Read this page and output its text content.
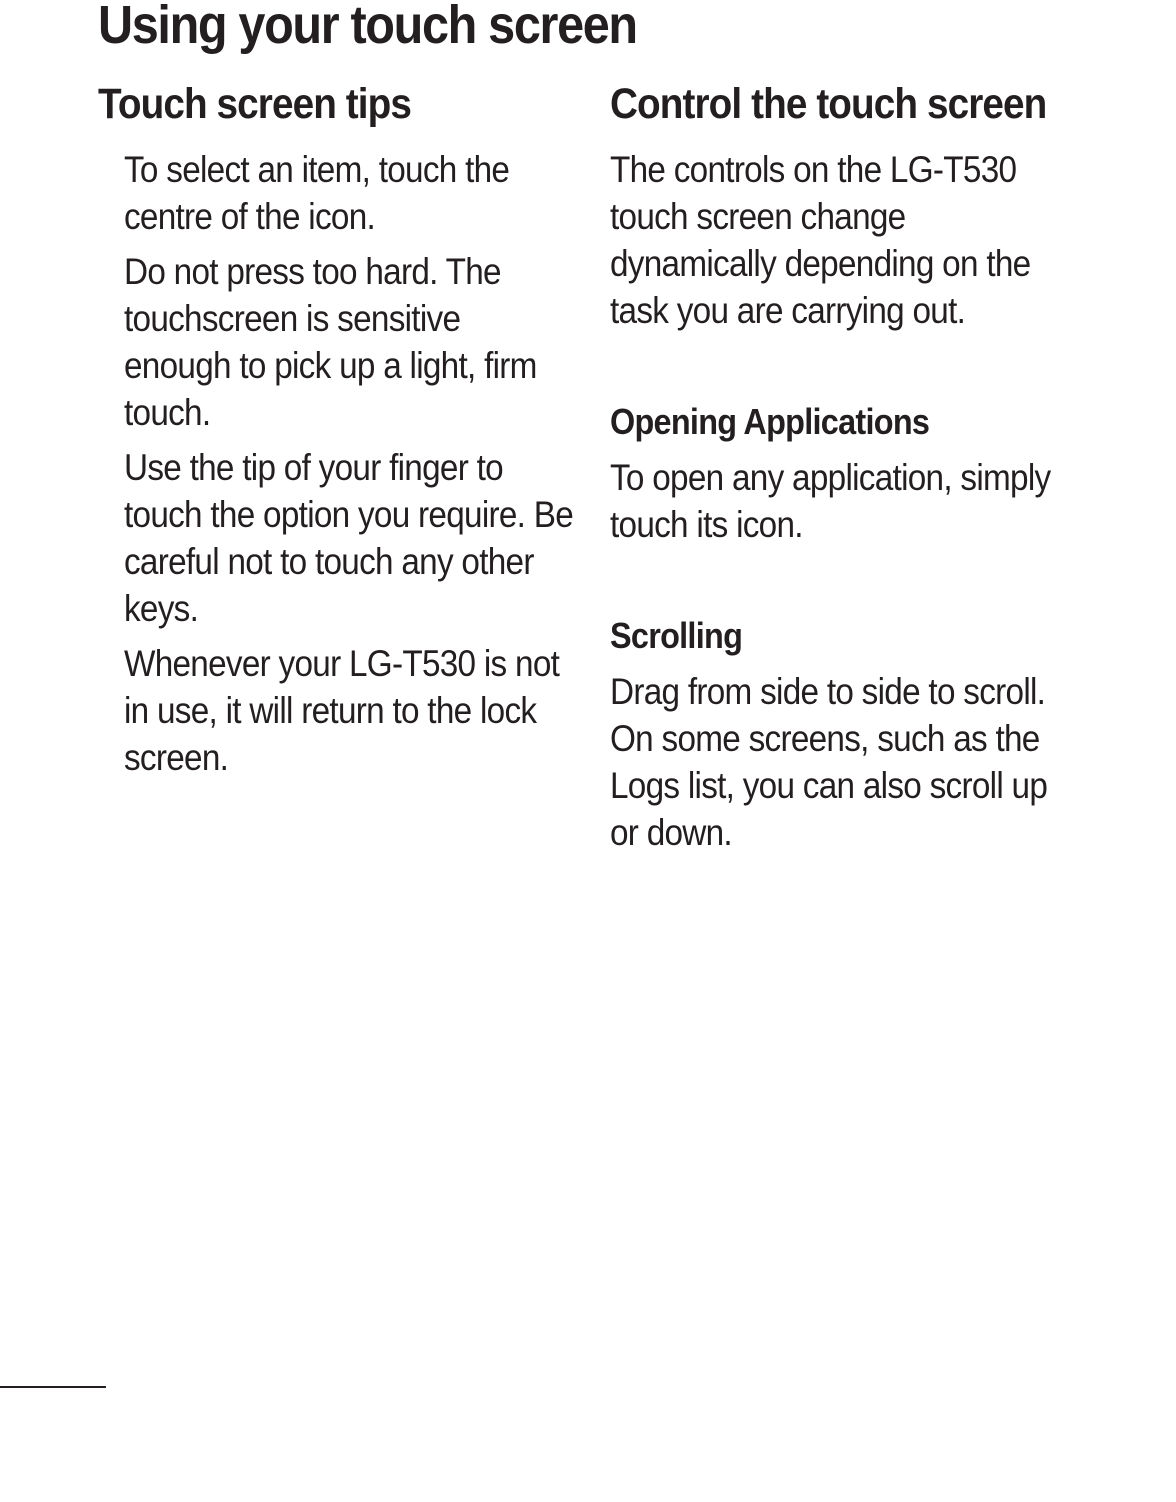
Using your touch screen
Touch screen tips
To select an item, touch the centre of the icon.
Do not press too hard. The touchscreen is sensitive enough to pick up a light, firm touch.
Use the tip of your finger to touch the option you require. Be careful not to touch any other keys.
Whenever your LG-T530 is not in use, it will return to the lock screen.
Control the touch screen

The controls on the LG-T530 touch screen change dynamically depending on the task you are carrying out.

Opening Applications

To open any application, simply touch its icon.

Scrolling

Drag from side to side to scroll. On some screens, such as the Logs list, you can also scroll up or down.
